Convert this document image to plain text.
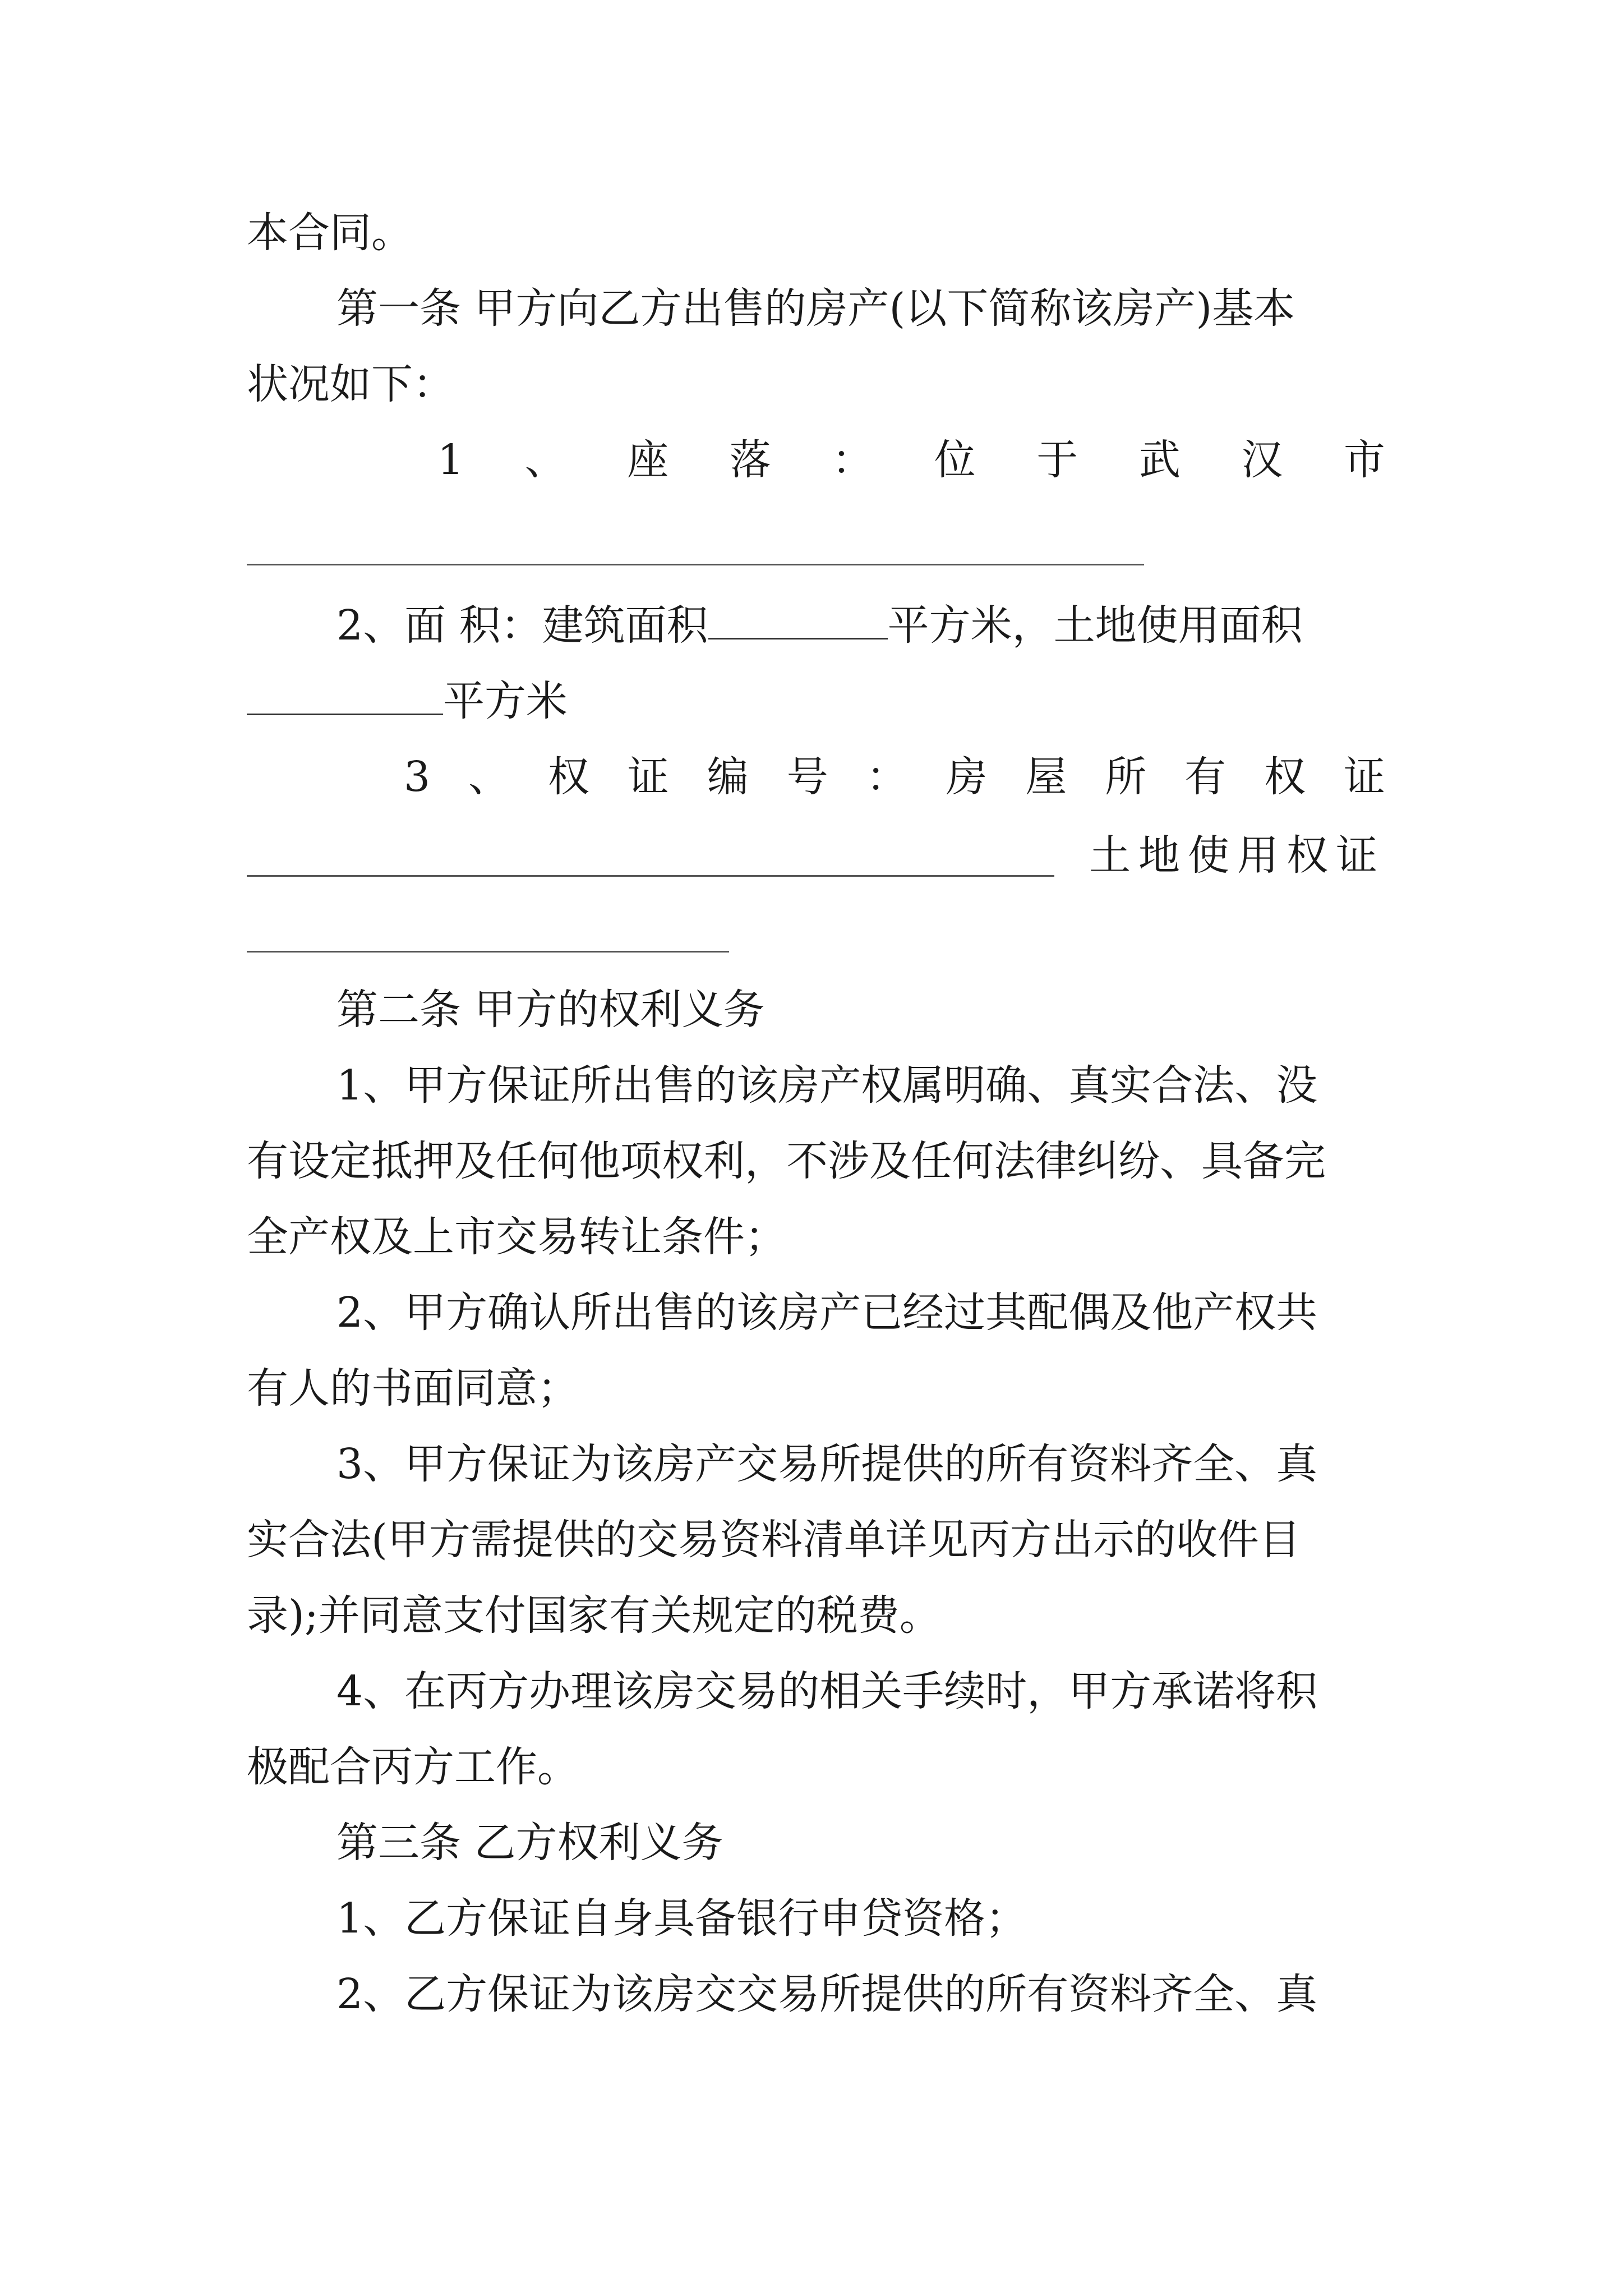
本合同。
第一条 甲方向乙方出售的房产(以下简称该房产)基本
状况如下：
1 、 座 落 ： 位 于 武 汉 市
2、面 积：建筑面积	平方米，土地使用面积
平方米
3 、 权 证 编 号 ： 房 屋 所 有 权 证
土地使用权证
第二条 甲方的权利义务
1、甲方保证所出售的该房产权属明确、真实合法、没
有设定抵押及任何他项权利，不涉及任何法律纠纷、具备完
全产权及上市交易转让条件；
2、甲方确认所出售的该房产已经过其配偶及他产权共
有人的书面同意；
3、甲方保证为该房产交易所提供的所有资料齐全、真
实合法(甲方需提供的交易资料清单详见丙方出示的收件目
录);并同意支付国家有关规定的税费。
4、在丙方办理该房交易的相关手续时，甲方承诺将积
极配合丙方工作。
第三条 乙方权利义务
1、乙方保证自身具备银行申贷资格；
2、乙方保证为该房交交易所提供的所有资料齐全、真
